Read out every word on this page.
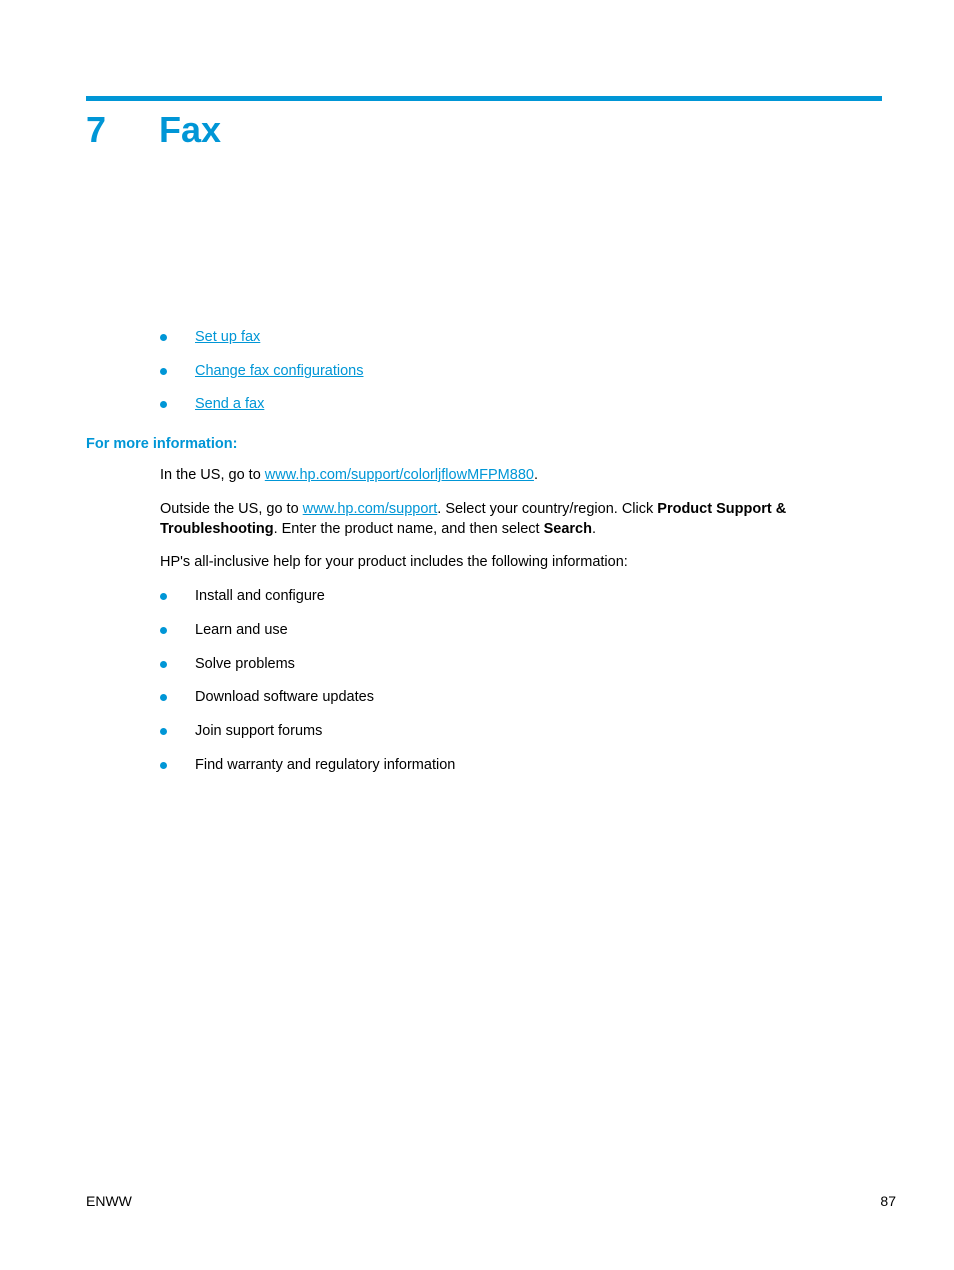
7 Fax
Set up fax
Change fax configurations
Send a fax
For more information:
In the US, go to www.hp.com/support/colorljflowMFPM880.
Outside the US, go to www.hp.com/support. Select your country/region. Click Product Support & Troubleshooting. Enter the product name, and then select Search.
HP's all-inclusive help for your product includes the following information:
Install and configure
Learn and use
Solve problems
Download software updates
Join support forums
Find warranty and regulatory information
ENWW	87
